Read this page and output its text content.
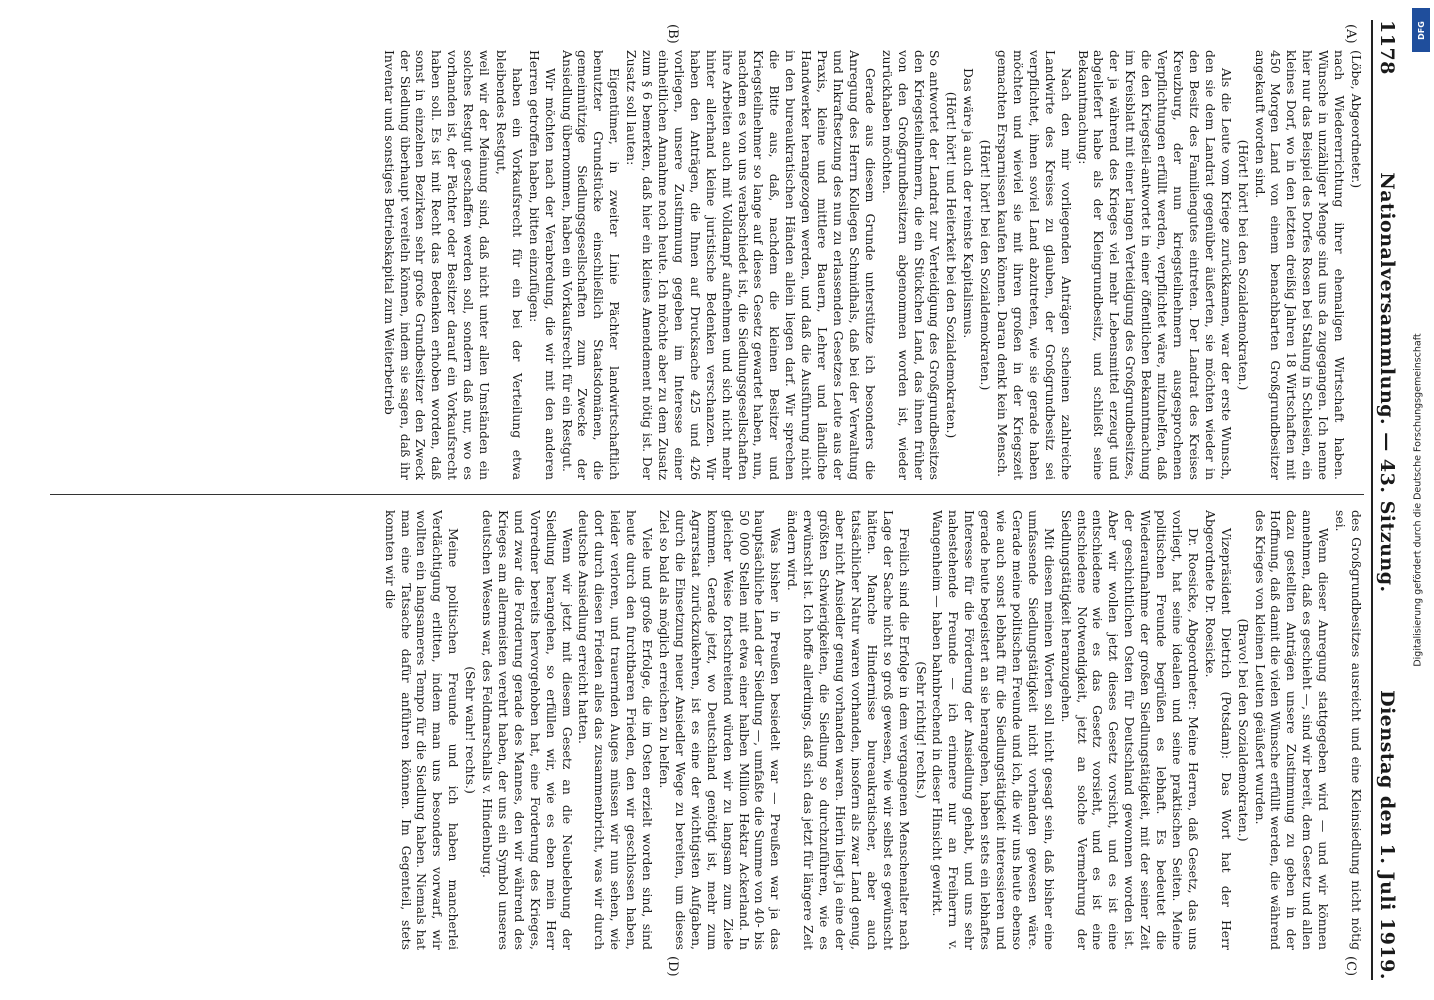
1178
Nationalversammlung. — 43. Sitzung.
Dienstag den 1. Juli 1919.
(A)
(B)
(C)
(D)

(Löbe, Abgeordneter.)

nach Wiedererrichtung ihrer ehemaligen Wirtschaft haben. Wünsche in unzähliger Menge sind uns da zugegangen. Ich nenne hier nur das Beispiel des Dorfes Rosen bei Stalung in Schlesien, ein kleines Dorf, wo in den letzten dreißig Jahren 18 Wirtschaften mit 450 Morgen Land von einem benachbarten Großgrundbesitzer angekauft worden sind.

(Hört! hört! bei den Sozialdemokraten.)

Als die Leute vom Kriege zurückkamen, war der erste Wunsch, den sie dem Landrat gegenüber äußerten, sie möchten wieder in den Besitz des Familiengutes eintreten. Der Landrat des Kreises Kreuzburg, der nun kriegsteilnehmern ausgesprochenen Verpflichtungen erfüllt werden, verpflichtet wäre, mitzuhelfen, daß die den Kriegsteil-antwortet in einer öffentlichen Bekanntmachung im Kreisblatt mit einer langen Verteidigung des Großgrundbesitzes, der ja während des Krieges viel mehr Lebensmittel erzeugt und abgeliefert habe als der Kleingrundbesitz, und schließt seine Bekanntmachung:

Nach den mir vorliegenden Anträgen scheinen zahlreiche Landwirte des Kreises zu glauben, der Großgrundbesitz sei verpflichtet, ihnen soviel Land abzutreten, wie sie gerade haben möchten und wieviel sie mit ihren großen in der Kriegszeit gemachten Ersparnissen kaufen können. Daran denkt kein Mensch.

(Hört! hört! bei den Sozialdemokraten.)

Das wäre ja auch der reinste Kapitalismus.

(Hört! hört! und Heiterkeit bei den Sozialdemokraten.)

So antwortet der Landrat zur Verteidigung des Großgrundbesitzes den Kriegsteilnehmern, die ein Stückchen Land, das ihnen früher von den Großgrundbesitzern abgenommen worden ist, wieder zurückhaben möchten.

Gerade aus diesem Grunde unterstütze ich besonders die Anregung des Herrn Kollegen Schmidhals, daß bei der Verwaltung und Inkraftsetzung des nun zu erlassenden Gesetzes Leute aus der Praxis, kleine und mittlere Bauern, Lehrer und ländliche Handwerker herangezogen werden, und daß die Ausführung nicht in den bureaukratischen Händen allein liegen darf. Wir sprechen die Bitte aus, daß, nachdem die kleinen Besitzer und Kriegsteilnehmer so lange auf dieses Gesetz gewartet haben, nun, nachdem es von uns verabschiedet ist, die Siedlungsgesellschaften ihre Arbeiten auch mit Volldampf aufnehmen und sich nicht mehr hinter allerhand kleine juristische Bedenken verschanzen. Wir haben den Anträgen, die Ihnen auf Drucksache 425 und 426 vorliegen, unsere Zustimmung gegeben im Interesse einer einheitlichen Annahme noch heute. Ich möchte aber zu dem Zusatz zum § 6 bemerken, daß hier ein kleines Amendement nötig ist. Der Zusatz soll lauten:

Eigentümer, in zweiter Linie Pächter landwirtschaftlich benutzter Grundstücke einschließlich Staatsdomänen, die gemeinnützige Siedlungsgesellschaften zum Zwecke der Ansiedlung übernommen, haben ein Vorkaufsrecht für ein Restgut.

Wir möchten nach der Verabredung, die wir mit den anderen Herren getroffen haben, bitten einzufügen:

haben ein Vorkaufsrecht für ein bei der Verteilung etwa bleibendes Restgut,

weil wir der Meinung sind, daß nicht unter allen Umständen ein solches Restgut geschaffen werden soll, sondern daß nur, wo es vorhanden ist, der Pächter oder Besitzer darauf ein Vorkaufsrecht haben soll. Es ist mit Recht das Bedenken erhoben worden, daß sonst in einzelnen Bezirken sehr große Grundbesitzer den Zweck der Siedlung überhaupt vereiteln können, indem sie sagen, daß ihr Inventar und sonstiges Betriebskapital zum Weiterbetrieb

des Großgrundbesitzes ausreicht und eine Kleinsiedlung nicht nötig sei.

Wenn dieser Anregung stattgegeben wird — und wir können annehmen, daß es geschieht —, sind wir bereit, dem Gesetz und allen dazu gestellten Anträgen unsere Zustimmung zu geben in der Hoffnung, daß damit die vielen Wünsche erfüllt werden, die während des Krieges von kleinen Leuten geäußert wurden.

(Bravo! bei den Sozialdemokraten.)

Vizepräsident Dietrich (Potsdam): Das Wort hat der Herr Abgeordnete Dr. Roesicke.

Dr. Roesicke, Abgeordneter: Meine Herren, daß Gesetz, das uns vorliegt, hat seine idealen und seine praktischen Seiten. Meine politischen Freunde begrüßen es lebhaft. Es bedeutet die Wiederaufnahme der großen Siedlungstätigkeit, mit der seiner Zeit der geschichtlichen Osten für Deutschland gewonnen worden ist. Aber wir wollen jetzt dieses Gesetz vorsicht, und es ist eine entschiedene wie es das Gesetz vorsieht, und es ist eine entschiedene Notwendigkeit, jetzt an solche Vermehrung der Siedlungstätigkeit heranzugehen.

Mit diesen meinen Worten soll nicht gesagt sein, daß bisher eine umfassende Siedlungstätigkeit nicht vorhanden gewesen wäre. Gerade meine politischen Freunde und ich, die wir uns heute ebenso wie auch sonst lebhaft für die Siedlungstätigkeit interessieren und gerade heute begeistert an sie herangehen, haben stets ein lebhaftes Interesse für die Förderung der Ansiedlung gehabt, und uns sehr nahestehende Freunde — ich erinnere nur an Freiherrn v. Wangenheim — haben bahnbrechend in dieser Hinsicht gewirkt.

(Sehr richtig! rechts.)

Freilich sind die Erfolge in dem vergangenen Menschenalter nach Lage der Sache nicht so groß gewesen, wie wir selbst es gewünscht hätten. Manche Hindernisse bureaukratischer, aber auch tatsächlicher Natur waren vorhanden, insofern als zwar Land genug, aber nicht Ansiedler genug vorhanden waren. Hierin liegt ja eine der größten Schwierigkeiten, die Siedlung so durchzuführen, wie es erwünscht ist. Ich hoffe allerdings, daß sich das jetzt für längere Zeit ändern wird.

Was bisher in Preußen besiedelt war — Preußen war ja das hauptsächliche Land der Siedlung —, umfaßte die Summe von 40- bis 50 000 Stellen mit etwa einer halben Million Hektar Ackerland. In gleicher Weise fortschreitend würden wir zu langsam zum Ziele kommen. Gerade jetzt, wo Deutschland genötigt ist, mehr zum Agrarstaat zurückzukehren, ist es eine der wichtigsten Aufgaben, durch die Einsetzung neuer Ansiedler Wege zu bereiten, um dieses Ziel so bald als möglich erreichen zu helfen.

Viele und große Erfolge, die im Osten erzielt worden sind, sind heute durch den furchtbaren Frieden, den wir geschlossen haben, leider verloren, und trauernden Auges müssen wir nun sehen, wie dort durch diesen Frieden alles das zusammenbricht, was wir durch deutsche Ansiedlung erreicht hatten.

Wenn wir jetzt mit diesem Gesetz an die Neubelebung der Siedlung herangehen, so erfüllen wir, wie es eben mein Herr Vorredner bereits hervorgehoben hat, eine Forderung des Krieges, und zwar die Forderung gerade des Mannes, den wir während des Krieges am allermeisten verehrt haben, der uns ein Symbol unseres deutschen Wesens war, des Feldmarschalls v. Hindenburg.

(Sehr wahr! rechts.)

Meine politischen Freunde und ich haben mancherlei Verdächtigung erlitten, indem man uns besonders vorwarf, wir wollten ein langsameres Tempo für die Siedlung haben. Niemals hat man eine Tatsache dafür anführen können. Im Gegenteil, stets konnten wir die	Digitalisierung gefördert durch die Deutsche Forschungsgemeinschaft
DFG
